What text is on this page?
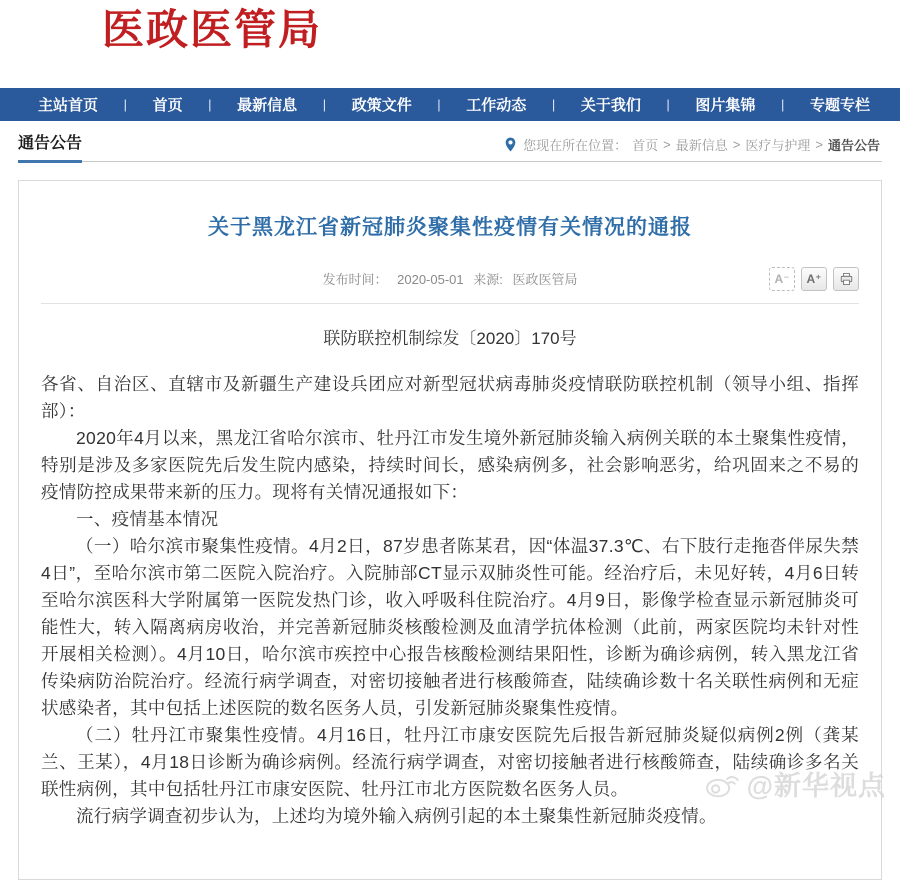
医政医管局
主站首页 | 首页 | 最新信息 | 政策文件 | 工作动态 | 关于我们 | 图片集锦 | 专题专栏
通告公告	您现在所在位置： 首页 > 最新信息 > 医疗与护理 > 通告公告
关于黑龙江省新冠肺炎聚集性疫情有关情况的通报
发布时间： 2020-05-01 来源: 医政医管局	A⁻	A⁺
联防联控机制综发〔2020〕170号

各省、自治区、直辖市及新疆生产建设兵团应对新型冠状病毒肺炎疫情联防联控机制（领导小组、指挥部）：

2020年4月以来，黑龙江省哈尔滨市、牡丹江市发生境外新冠肺炎输入病例关联的本土聚集性疫情，特别是涉及多家医院先后发生院内感染，持续时间长，感染病例多，社会影响恶劣，给巩固来之不易的疫情防控成果带来新的压力。现将有关情况通报如下：

一、疫情基本情况

（一）哈尔滨市聚集性疫情。4月2日，87岁患者陈某君，因“体温37.3℃、右下肢行走拖沓伴尿失禁4日”，至哈尔滨市第二医院入院治疗。入院肺部CT显示双肺炎性可能。经治疗后，未见好转，4月6日转至哈尔滨医科大学附属第一医院发热门诊，收入呼吸科住院治疗。4月9日，影像学检查显示新冠肺炎可能性大，转入隔离病房收治，并完善新冠肺炎核酸检测及血清学抗体检测（此前，两家医院均未针对性开展相关检测）。4月10日，哈尔滨市疾控中心报告核酸检测结果阳性，诊断为确诊病例，转入黑龙江省传染病防治院治疗。经流行病学调查，对密切接触者进行核酸筛查，陆续确诊数十名关联性病例和无症状感染者，其中包括上述医院的数名医务人员，引发新冠肺炎聚集性疫情。

（二）牡丹江市聚集性疫情。4月16日，牡丹江市康安医院先后报告新冠肺炎疑似病例2例（龚某兰、王某），4月18日诊断为确诊病例。经流行病学调查，对密切接触者进行核酸筛查，陆续确诊多名关联性病例，其中包括牡丹江市康安医院、牡丹江市北方医院数名医务人员。

流行病学调查初步认为，上述均为境外输入病例引起的本土聚集性新冠肺炎疫情。

@新华视点
